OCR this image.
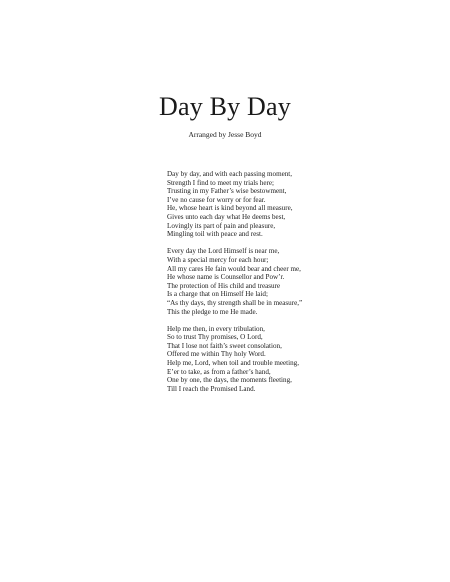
Day By Day
Arranged by Jesse Boyd
Day by day, and with each passing moment,
Strength I find to meet my trials here;
Trusting in my Father’s wise bestowment,
I’ve no cause for worry or for fear.
He, whose heart is kind beyond all measure,
Gives unto each day what He deems best,
Lovingly its part of pain and pleasure,
Mingling toil with peace and rest.
Every day the Lord Himself is near me,
With a special mercy for each hour;
All my cares He fain would bear and cheer me,
He whose name is Counsellor and Pow’r.
The protection of His child and treasure
Is a charge that on Himself He laid;
“As thy days, thy strength shall be in measure,”
This the pledge to me He made.
Help me then, in every tribulation,
So to trust Thy promises, O Lord,
That I lose not faith’s sweet consolation,
Offered me within Thy holy Word.
Help me, Lord, when toil and trouble meeting,
E’er to take, as from a father’s hand,
One by one, the days, the moments fleeting,
Till I reach the Promised Land.
